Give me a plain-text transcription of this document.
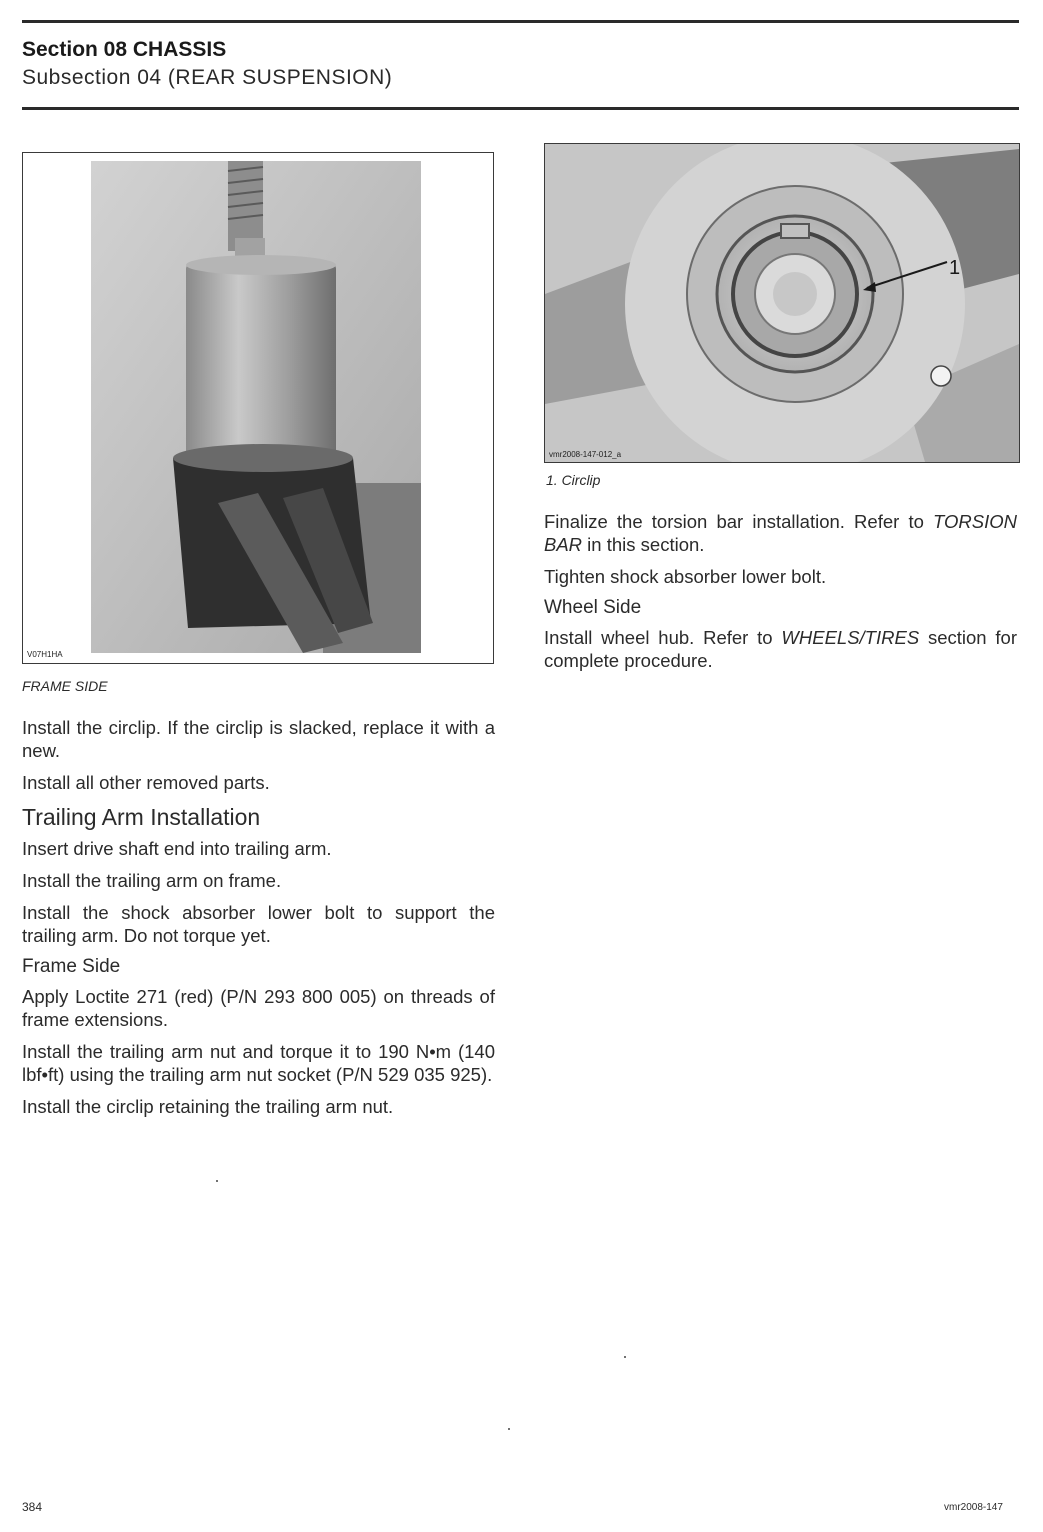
Section 08 CHASSIS
Subsection 04 (REAR SUSPENSION)
V07H1HA
FRAME SIDE
1
vmr2008-147-012_a
1. Circlip

Install the circlip. If the circlip is slacked, replace it with a new.

Install all other removed parts.

Trailing Arm Installation

Insert drive shaft end into trailing arm.

Install the trailing arm on frame.

Install the shock absorber lower bolt to support the trailing arm. Do not torque yet.

Frame Side

Apply Loctite 271 (red) (P/N 293 800 005) on threads of frame extensions.

Install the trailing arm nut and torque it to 190 N•m (140 lbf•ft) using the trailing arm nut socket (P/N 529 035 925).

Install the circlip retaining the trailing arm nut.

Finalize the torsion bar installation. Refer to TORSION BAR in this section.

Tighten shock absorber lower bolt.

Wheel Side

Install wheel hub. Refer to WHEELS/TIRES section for complete procedure.

384	vmr2008-147
